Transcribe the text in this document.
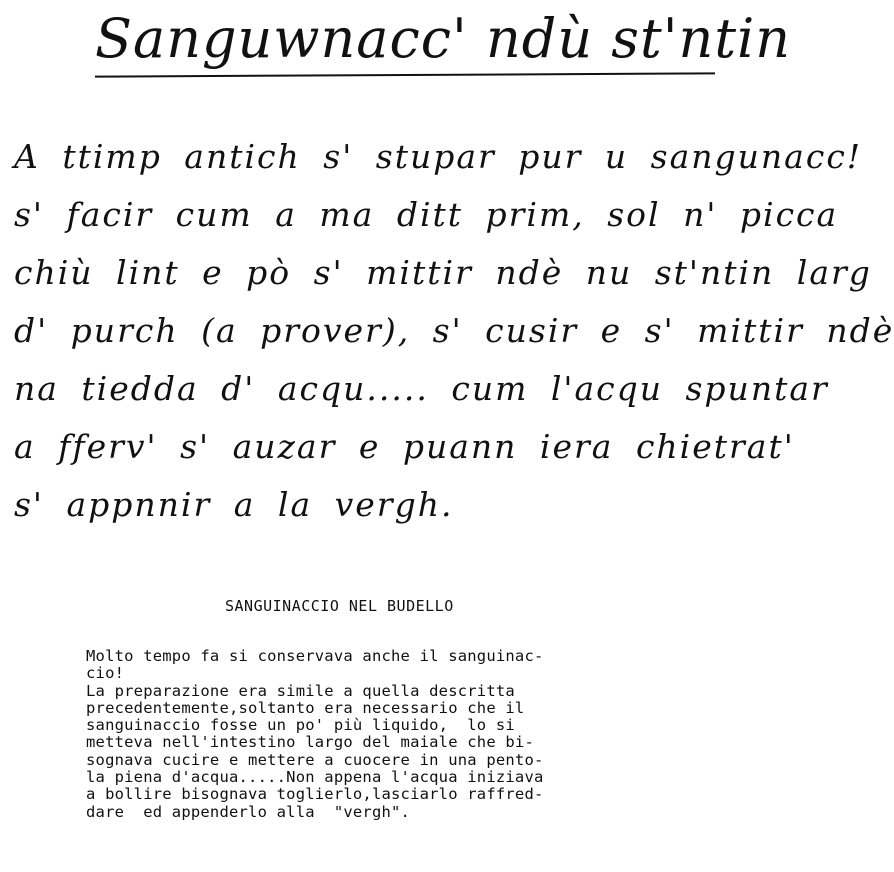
Sanguwnacc' ndù st'ntin
A ttimp antich s' stupar pur u sangunacc!
s' facir cum a ma ditt prim, sol n' picca
chiù lint e pò s' mittir ndè nu st'ntin larg
d' purch (a prover), s' cusir e s' mittir ndè
na tiedda d' acqu..... cum l'acqu spuntar
a fferv' s' auzar e puann iera chietrat'
s' appnnir a la vergh.
SANGUINACCIO NEL BUDELLO
Molto tempo fa si conservava anche il sanguinac-
cio!
La preparazione era simile a quella descritta
precedentemente,soltanto era necessario che il
sanguinaccio fosse un po' più liquido,  lo si
metteva nell'intestino largo del maiale che bi-
sognava cucire e mettere a cuocere in una pento-
la piena d'acqua.....Non appena l'acqua iniziava
a bollire bisognava toglierlo,lasciarlo raffred-
dare  ed appenderlo alla  "vergh".
